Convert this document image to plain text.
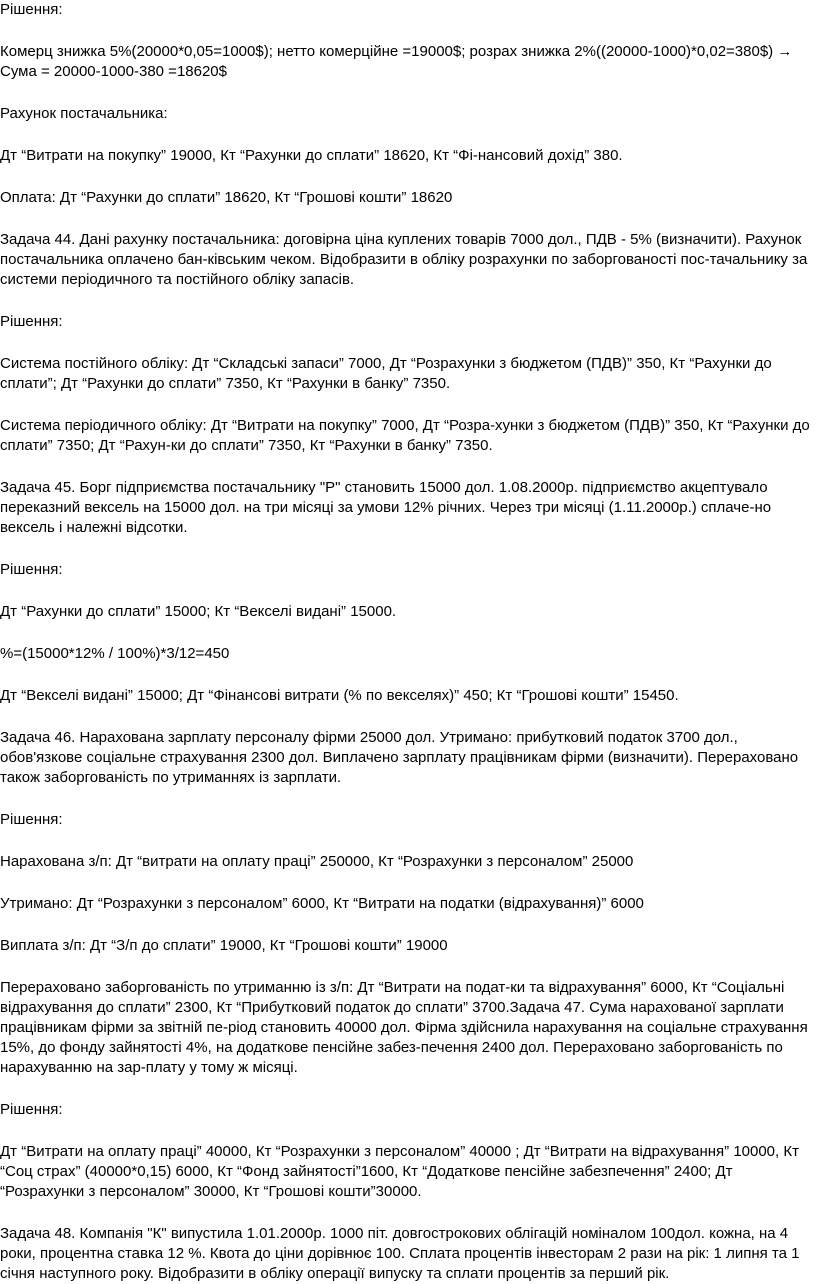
Рішення:

Комерц знижка 5%(20000*0,05=1000$); нетто комерційне =19000$; розрах знижка 2%((20000-1000)*0,02=380$) → Сума = 20000-1000-380 =18620$

Рахунок постачальника:

Дт “Витрати на покупку” 19000, Кт “Рахунки до сплати” 18620, Кт “Фі-нансовий дохід” 380.

Оплата: Дт “Рахунки до сплати” 18620, Кт “Грошові кошти” 18620

Задача 44. Дані рахунку постачальника: договірна ціна куплених товарів 7000 дол., ПДВ - 5% (визначити). Рахунок постачальника оплачено бан-ківським чеком. Відобразити в обліку розрахунки по заборгованості пос-тачальнику за системи періодичного та постійного обліку запасів.

Рішення:

Система постійного обліку: Дт “Складські запаси” 7000, Дт “Розрахунки з бюджетом (ПДВ)” 350, Кт “Рахунки до сплати”; Дт “Рахунки до сплати” 7350, Кт “Рахунки в банку” 7350.

Система періодичного обліку: Дт “Витрати на покупку” 7000, Дт “Розра-хунки з бюджетом (ПДВ)” 350, Кт “Рахунки до сплати” 7350; Дт “Рахун-ки до сплати” 7350, Кт “Рахунки в банку” 7350.

Задача 45. Борг підприємства постачальнику "Р" становить 15000 дол. 1.08.2000р. підприємство акцептувало переказний вексель на 15000 дол. на три місяці за умови 12% річних. Через три місяці (1.11.2000р.) сплаче-но вексель і належні відсотки.

Рішення:

Дт “Рахунки до сплати” 15000; Кт “Векселі видані” 15000.

%=(15000*12% / 100%)*3/12=450

Дт “Векселі видані” 15000; Дт “Фінансові витрати (% по векселях)” 450; Кт “Грошові кошти” 15450.

Задача 46. Нарахована зарплату персоналу фірми 25000 дол. Утримано: прибутковий податок 3700 дол., обов'язкове соціальне страхування 2300 дол. Виплачено зарплату працівникам фірми (визначити). Перераховано також заборгованість по утриманнях із зарплати.

Рішення:

Нарахована з/п: Дт “витрати на оплату праці” 250000, Кт “Розрахунки з персоналом” 25000

Утримано: Дт “Розрахунки з персоналом” 6000, Кт “Витрати на податки (відрахування)” 6000

Виплата з/п: Дт “З/п до сплати” 19000, Кт “Грошові кошти” 19000

Перераховано заборгованість по утриманню із з/п: Дт “Витрати на подат-ки та відрахування” 6000, Кт “Соціальні відрахування до сплати” 2300, Кт “Прибутковий податок до сплати” 3700.Задача 47. Сума нарахованої зарплати працівникам фірми за звітній пе-ріод становить 40000 дол. Фірма здійснила нарахування на соціальне страхування 15%, до фонду зайнятості 4%, на додаткове пенсійне забез-печення 2400 дол. Перераховано заборгованість по нарахуванню на зар-плату у тому ж місяці.

Рішення:

Дт “Витрати на оплату праці” 40000, Кт “Розрахунки з персоналом” 40000 ; Дт “Витрати на відрахування” 10000, Кт “Соц страх” (40000*0,15) 6000, Кт “Фонд зайнятості”1600, Кт “Додаткове пенсійне забезпечення” 2400; Дт “Розрахунки з персоналом” 30000, Кт “Грошові кошти”30000.

Задача 48. Компанія "К" випустила 1.01.2000р. 1000 піт. довгострокових облігацій номіналом 100дол. кожна, на 4 роки, процентна ставка 12 %. Квота до ціни дорівнює 100. Сплата процентів інвесторам 2 рази на рік: 1 липня та 1 січня наступного року. Відобразити в обліку операції випуску та сплати процентів за перший рік.
